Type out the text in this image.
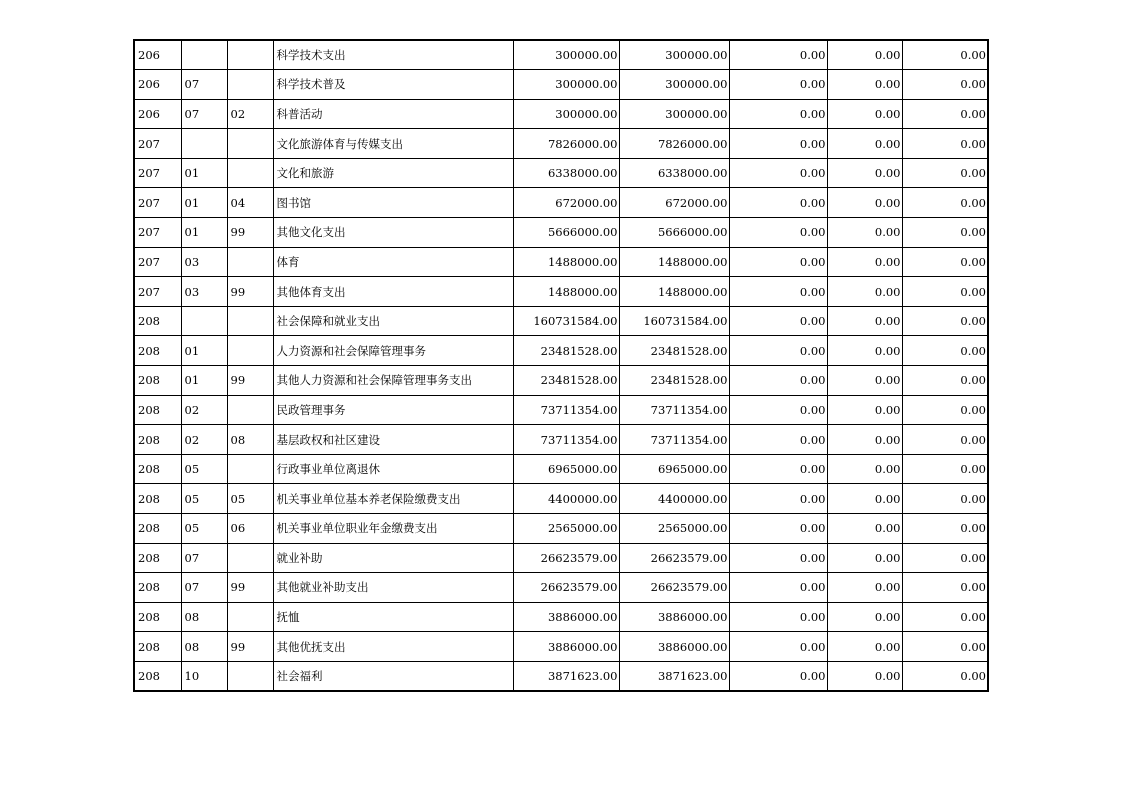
206			科学技术支出	300000.00	300000.00	0.00	0.00	0.00
206	07		科学技术普及	300000.00	300000.00	0.00	0.00	0.00
206	07	02	科普活动	300000.00	300000.00	0.00	0.00	0.00
207			文化旅游体育与传媒支出	7826000.00	7826000.00	0.00	0.00	0.00
207	01		文化和旅游	6338000.00	6338000.00	0.00	0.00	0.00
207	01	04	图书馆	672000.00	672000.00	0.00	0.00	0.00
207	01	99	其他文化支出	5666000.00	5666000.00	0.00	0.00	0.00
207	03		体育	1488000.00	1488000.00	0.00	0.00	0.00
207	03	99	其他体育支出	1488000.00	1488000.00	0.00	0.00	0.00
208			社会保障和就业支出	160731584.00	160731584.00	0.00	0.00	0.00
208	01		人力资源和社会保障管理事务	23481528.00	23481528.00	0.00	0.00	0.00
208	01	99	其他人力资源和社会保障管理事务支出	23481528.00	23481528.00	0.00	0.00	0.00
208	02		民政管理事务	73711354.00	73711354.00	0.00	0.00	0.00
208	02	08	基层政权和社区建设	73711354.00	73711354.00	0.00	0.00	0.00
208	05		行政事业单位离退休	6965000.00	6965000.00	0.00	0.00	0.00
208	05	05	机关事业单位基本养老保险缴费支出	4400000.00	4400000.00	0.00	0.00	0.00
208	05	06	机关事业单位职业年金缴费支出	2565000.00	2565000.00	0.00	0.00	0.00
208	07		就业补助	26623579.00	26623579.00	0.00	0.00	0.00
208	07	99	其他就业补助支出	26623579.00	26623579.00	0.00	0.00	0.00
208	08		抚恤	3886000.00	3886000.00	0.00	0.00	0.00
208	08	99	其他优抚支出	3886000.00	3886000.00	0.00	0.00	0.00
208	10		社会福利	3871623.00	3871623.00	0.00	0.00	0.00
